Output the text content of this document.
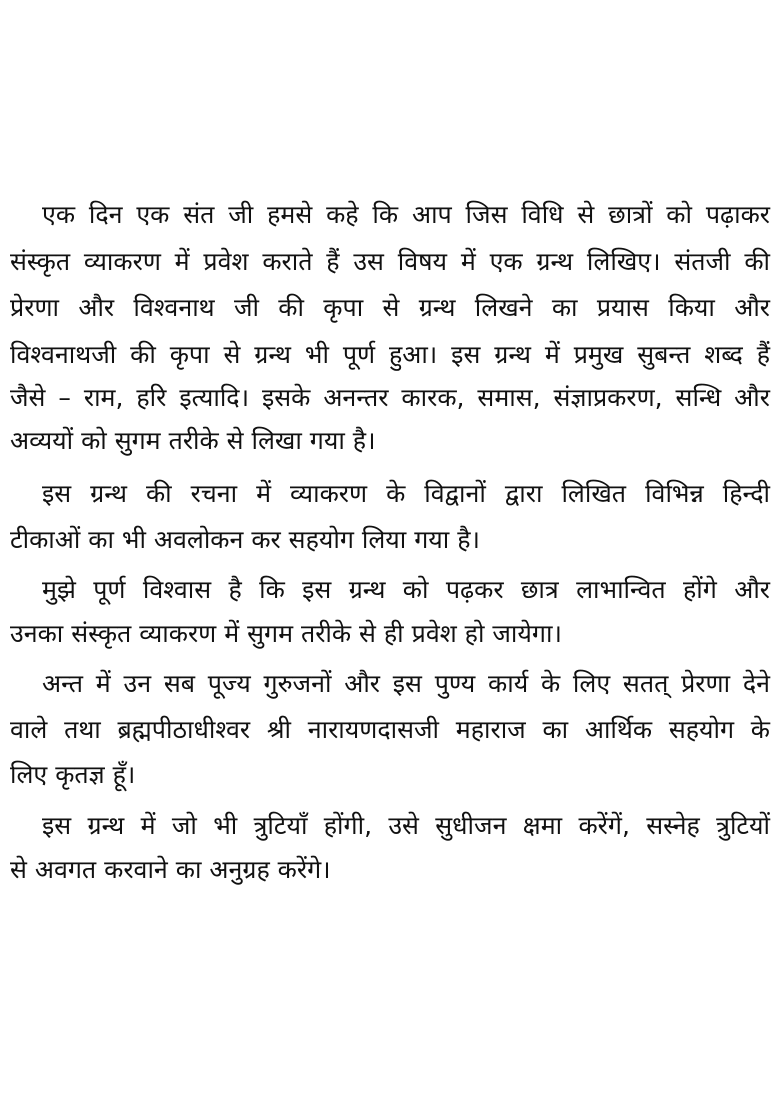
एक दिन एक संत जी हमसे कहे कि आप जिस विधि से छात्रों को पढ़ाकर
संस्कृत व्याकरण में प्रवेश कराते हैं उस विषय में एक ग्रन्थ लिखिए। संतजी की
प्रेरणा और विश्वनाथ जी की कृपा से ग्रन्थ लिखने का प्रयास किया और
विश्वनाथजी की कृपा से ग्रन्थ भी पूर्ण हुआ। इस ग्रन्थ में प्रमुख सुबन्त शब्द हैं
जैसे – राम, हरि इत्यादि। इसके अनन्तर कारक, समास, संज्ञाप्रकरण, सन्धि और
अव्ययों को सुगम तरीके से लिखा गया है।
इस ग्रन्थ की रचना में व्याकरण के विद्वानों द्वारा लिखित विभिन्न हिन्दी
टीकाओं का भी अवलोकन कर सहयोग लिया गया है।
मुझे पूर्ण विश्वास है कि इस ग्रन्थ को पढ़कर छात्र लाभान्वित होंगे और
उनका संस्कृत व्याकरण में सुगम तरीके से ही प्रवेश हो जायेगा।
अन्त में उन सब पूज्य गुरुजनों और इस पुण्य कार्य के लिए सतत् प्रेरणा देने
वाले तथा ब्रह्मपीठाधीश्वर श्री नारायणदासजी महाराज का आर्थिक सहयोग के
लिए कृतज्ञ हूँ।
इस ग्रन्थ में जो भी त्रुटियाँ होंगी, उसे सुधीजन क्षमा करेंगें, सस्नेह त्रुटियों
से अवगत करवाने का अनुग्रह करेंगे।
